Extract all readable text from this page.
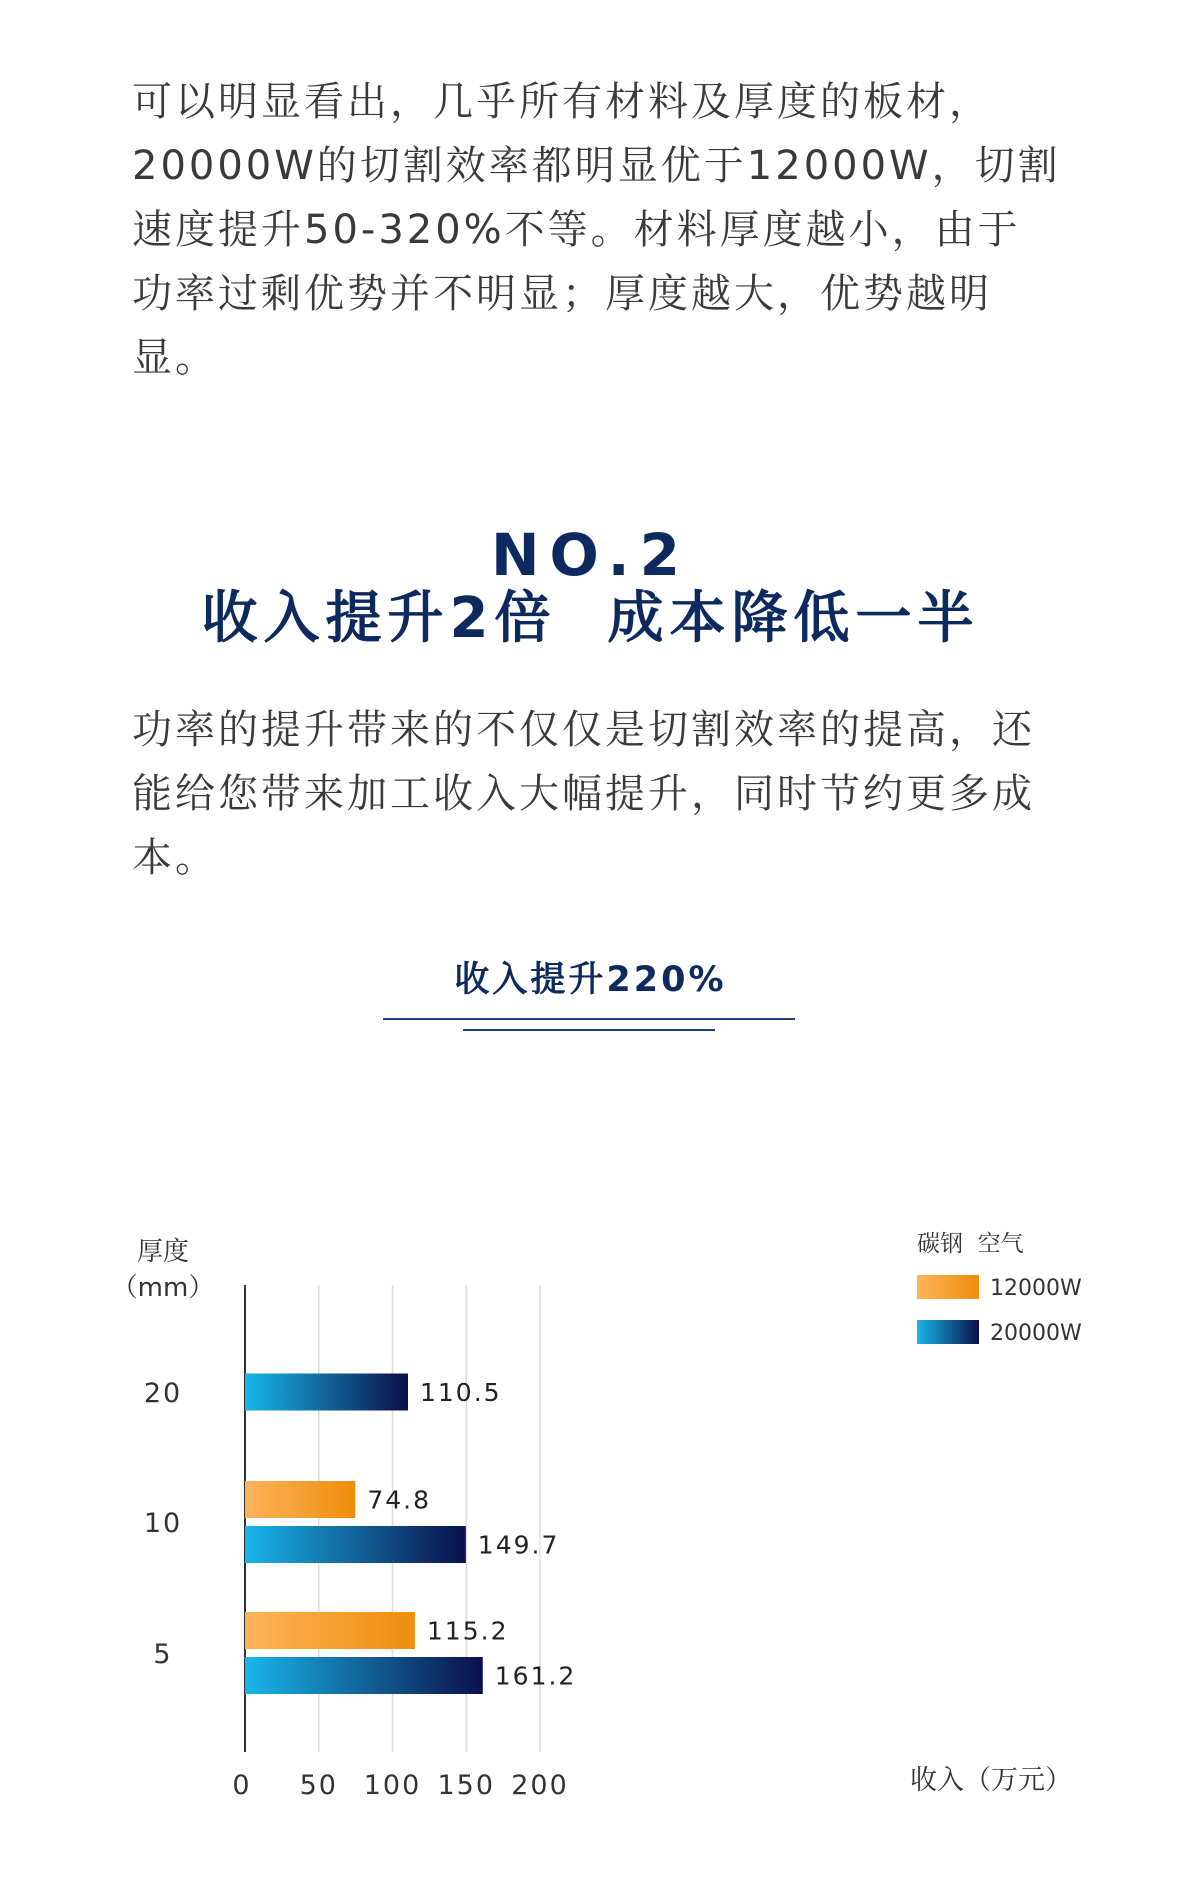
可以明显看出，几乎所有材料及厚度的板材，20000W的切割效率都明显优于12000W，切割速度提升50-320%不等。材料厚度越小，由于功率过剩优势并不明显；厚度越大，优势越明显。

NO.2
收入提升2倍  成本降低一半

功率的提升带来的不仅仅是切割效率的提高，还能给您带来加工收入大幅提升，同时节约更多成本。

收入提升220%
0 50 100 150 200
20	110.5
10
74.8
149.7
5
115.2
161.2
厚度（mm）
收入（万元）
碳钢  空气
12000W
20000W
